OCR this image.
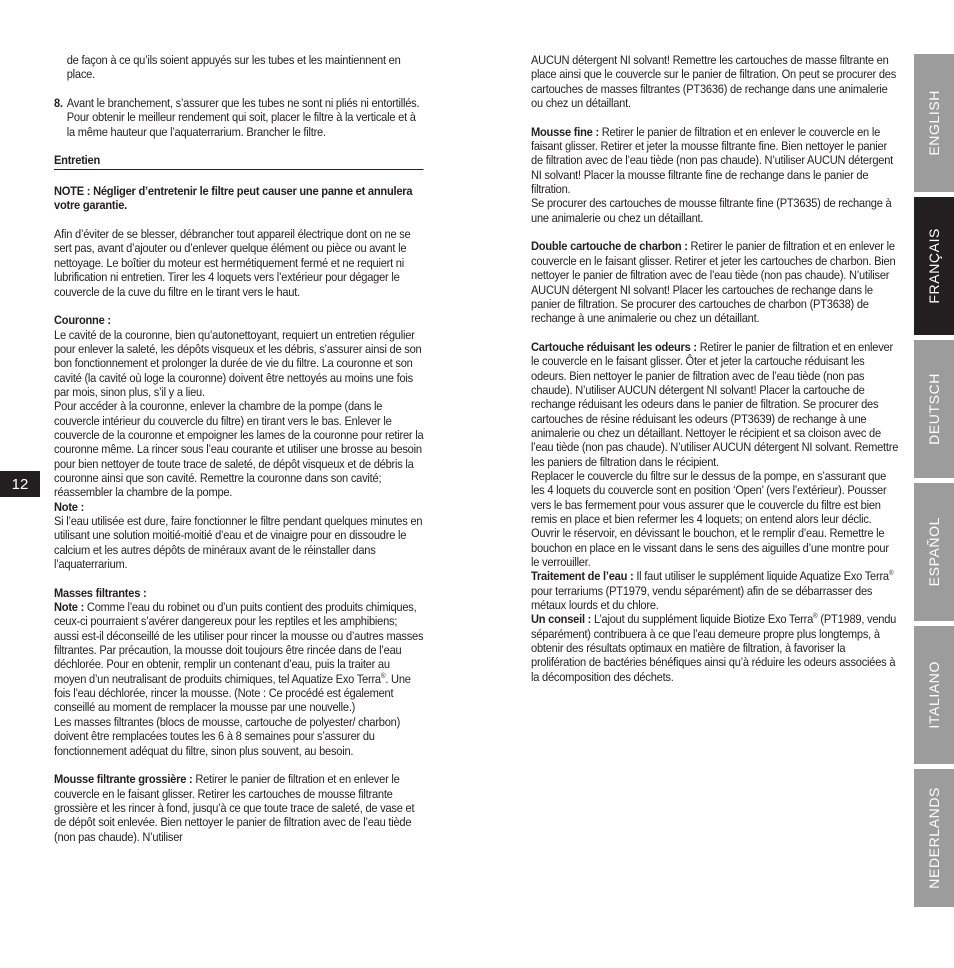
de façon à ce qu’ils soient appuyés sur les tubes et les maintiennent en place.

8. Avant le branchement, s’assurer que les tubes ne sont ni pliés ni entortillés. Pour obtenir le meilleur rendement qui soit, placer le filtre à la verticale et à la même hauteur que l’aquaterrarium. Brancher le filtre.

Entretien

NOTE : Négliger d’entretenir le filtre peut causer une panne et annulera votre garantie.

Afin d’éviter de se blesser, débrancher tout appareil électrique dont on ne se sert pas, avant d’ajouter ou d’enlever quelque élément ou pièce ou avant le nettoyage. Le boîtier du moteur est hermétiquement fermé et ne requiert ni lubrification ni entretien. Tirer les 4 loquets vers l’extérieur pour dégager le couvercle de la cuve du filtre en le tirant vers le haut.

Couronne :

Le cavité de la couronne, bien qu’autonettoyant, requiert un entretien régulier pour enlever la saleté, les dépôts visqueux et les débris, s’assurer ainsi de son bon fonctionnement et prolonger la durée de vie du filtre. La couronne et son cavité (la cavité où loge la couronne) doivent être nettoyés au moins une fois par mois, sinon plus, s’il y a lieu.

Pour accéder à la couronne, enlever la chambre de la pompe (dans le couvercle intérieur du couvercle du filtre) en tirant vers le bas. Enlever le couvercle de la couronne et empoigner les lames de la couronne pour retirer la couronne même. La rincer sous l’eau courante et utiliser une brosse au besoin pour bien nettoyer de toute trace de saleté, de dépôt visqueux et de débris la couronne ainsi que son cavité. Remettre la couronne dans son cavité; réassembler la chambre de la pompe.

Note :

Si l’eau utilisée est dure, faire fonctionner le filtre pendant quelques minutes en utilisant une solution moitié-moitié d’eau et de vinaigre pour en dissoudre le calcium et les autres dépôts de minéraux avant de le réinstaller dans l’aquaterrarium.

Masses filtrantes :

Note : Comme l’eau du robinet ou d’un puits contient des produits chimiques, ceux-ci pourraient s’avérer dangereux pour les reptiles et les amphibiens; aussi est-il déconseillé de les utiliser pour rincer la mousse ou d’autres masses filtrantes. Par précaution, la mousse doit toujours être rincée dans de l’eau déchlorée. Pour en obtenir, remplir un contenant d’eau, puis la traiter au moyen d’un neutralisant de produits chimiques, tel Aquatize Exo Terra®. Une fois l’eau déchlorée, rincer la mousse. (Note : Ce procédé est également conseillé au moment de remplacer la mousse par une nouvelle.)

Les masses filtrantes (blocs de mousse, cartouche de polyester/ charbon) doivent être remplacées toutes les 6 à 8 semaines pour s’assurer du fonctionnement adéquat du filtre, sinon plus souvent, au besoin.

Mousse filtrante grossière : Retirer le panier de filtration et en enlever le couvercle en le faisant glisser. Retirer les cartouches de mousse filtrante grossière et les rincer à fond, jusqu’à ce que toute trace de saleté, de vase et de dépôt soit enlevée. Bien nettoyer le panier de filtration avec de l’eau tiède (non pas chaude). N’utiliser

AUCUN détergent NI solvant! Remettre les cartouches de masse filtrante en place ainsi que le couvercle sur le panier de filtration. On peut se procurer des cartouches de masses filtrantes (PT3636) de rechange dans une animalerie ou chez un détaillant.

Mousse fine : Retirer le panier de filtration et en enlever le couvercle en le faisant glisser. Retirer et jeter la mousse filtrante fine. Bien nettoyer le panier de filtration avec de l’eau tiède (non pas chaude). N’utiliser AUCUN détergent NI solvant! Placer la mousse filtrante fine de rechange dans le panier de filtration.
Se procurer des cartouches de mousse filtrante fine (PT3635) de rechange à une animalerie ou chez un détaillant.

Double cartouche de charbon : Retirer le panier de filtration et en enlever le couvercle en le faisant glisser. Retirer et jeter les cartouches de charbon. Bien nettoyer le panier de filtration avec de l’eau tiède (non pas chaude). N’utiliser AUCUN détergent NI solvant! Placer les cartouches de rechange dans le panier de filtration. Se procurer des cartouches de charbon (PT3638) de rechange à une animalerie ou chez un détaillant.

Cartouche réduisant les odeurs : Retirer le panier de filtration et en enlever le couvercle en le faisant glisser. Ôter et jeter la cartouche réduisant les odeurs. Bien nettoyer le panier de filtration avec de l’eau tiède (non pas chaude). N’utiliser AUCUN détergent NI solvant! Placer la cartouche de rechange réduisant les odeurs dans le panier de filtration. Se procurer des cartouches de résine réduisant les odeurs (PT3639) de rechange à une animalerie ou chez un détaillant. Nettoyer le récipient et sa cloison avec de l’eau tiède (non pas chaude). N’utiliser AUCUN détergent NI solvant. Remettre les paniers de filtration dans le récipient.

Replacer le couvercle du filtre sur le dessus de la pompe, en s’assurant que les 4 loquets du couvercle sont en position ‘Open’ (vers l’extérieur). Pousser vers le bas fermement pour vous assurer que le couvercle du filtre est bien remis en place et bien refermer les 4 loquets; on entend alors leur déclic.

Ouvrir le réservoir, en dévissant le bouchon, et le remplir d’eau. Remettre le bouchon en place en le vissant dans le sens des aiguilles d’une montre pour le verrouiller.

Traitement de l’eau : Il faut utiliser le supplément liquide Aquatize Exo Terra® pour terrariums (PT1979, vendu séparément) afin de se débarrasser des métaux lourds et du chlore.

Un conseil : L’ajout du supplément liquide Biotize Exo Terra® (PT1989, vendu séparément) contribuera à ce que l’eau demeure propre plus longtemps, à obtenir des résultats optimaux en matière de filtration, à favoriser la prolifération de bactéries bénéfiques ainsi qu’à réduire les odeurs associées à la décomposition des déchets.

12
ENGLISH
FRANÇAIS
DEUTSCH
ESPAÑOL
ITALIANO
NEDERLANDS
